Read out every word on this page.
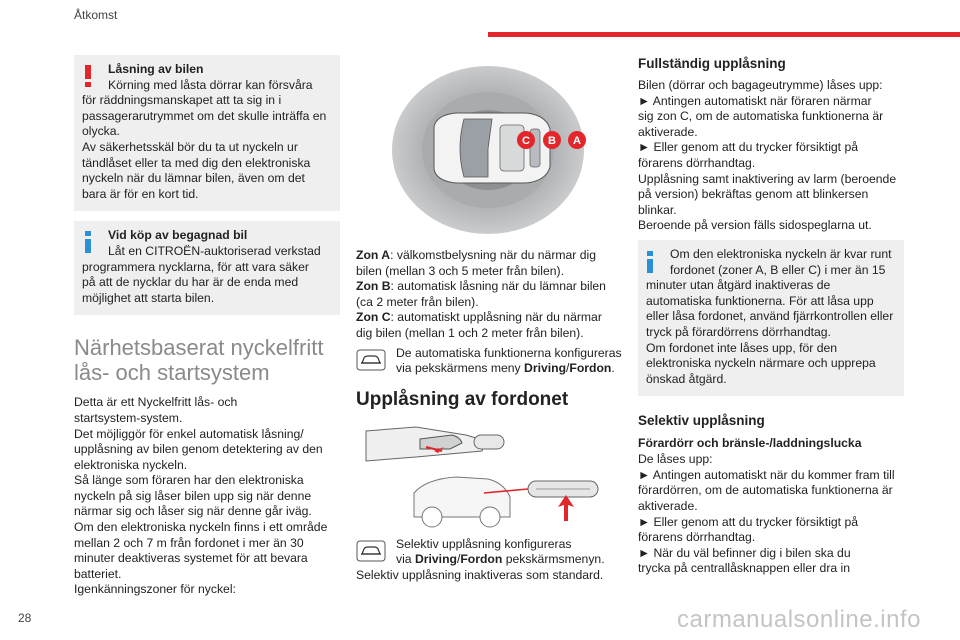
Åtkomst
Låsning av bilen
Körning med låsta dörrar kan försvåra
för räddningsmanskapet att ta sig in i
passagerarutrymmet om det skulle inträffa en
olycka.
Av säkerhetsskäl bör du ta ut nyckeln ur
tändlåset eller ta med dig den elektroniska
nyckeln när du lämnar bilen, även om det
bara är för en kort tid.
Vid köp av begagnad bil
Låt en CITROËN-auktoriserad verkstad
programmera nycklarna, för att vara säker
på att de nycklar du har är de enda med
möjlighet att starta bilen.
Närhetsbaserat nyckelfritt
lås- och startsystem
Detta är ett Nyckelfritt lås- och
startsystem-system.
Det möjliggör för enkel automatisk låsning/
upplåsning av bilen genom detektering av den
elektroniska nyckeln.
Så länge som föraren har den elektroniska
nyckeln på sig låser bilen upp sig när denne
närmar sig och låser sig när denne går iväg.
Om den elektroniska nyckeln finns i ett område
mellan 2 och 7 m från fordonet i mer än 30
minuter deaktiveras systemet för att bevara
batteriet.
Igenkänningszoner för nyckel:
C B A
Zon A: välkomstbelysning när du närmar dig
bilen (mellan 3 och 5 meter från bilen).
Zon B: automatisk låsning när du lämnar bilen
(ca 2 meter från bilen).
Zon C: automatiskt upplåsning när du närmar
dig bilen (mellan 1 och 2 meter från bilen).
De automatiska funktionerna konfigureras
via pekskärmens meny Driving/Fordon.
Upplåsning av fordonet
Selektiv upplåsning konfigureras
via Driving/Fordon pekskärmsmenyn.
Selektiv upplåsning inaktiveras som standard.
Fullständig upplåsning
Bilen (dörrar och bagageutrymme) låses upp:
► Antingen automatiskt när föraren närmar
sig zon C, om de automatiska funktionerna är
aktiverade.
► Eller genom att du trycker försiktigt på
förarens dörrhandtag.
Upplåsning samt inaktivering av larm (beroende
på version) bekräftas genom att blinkersen
blinkar.
Beroende på version fälls sidospeglarna ut.
Om den elektroniska nyckeln är kvar runt
fordonet (zoner A, B eller C) i mer än 15
minuter utan åtgärd inaktiveras de
automatiska funktionerna. För att låsa upp
eller låsa fordonet, använd fjärrkontrollen eller
tryck på förardörrens dörrhandtag.
Om fordonet inte låses upp, för den
elektroniska nyckeln närmare och upprepa
önskad åtgärd.
Selektiv upplåsning
Förardörr och bränsle-/laddningslucka
De låses upp:
► Antingen automatiskt när du kommer fram till
förardörren, om de automatiska funktionerna är
aktiverade.
► Eller genom att du trycker försiktigt på
förarens dörrhandtag.
► När du väl befinner dig i bilen ska du
trycka på centrallåsknappen eller dra in
28	carmanualsonline.info
